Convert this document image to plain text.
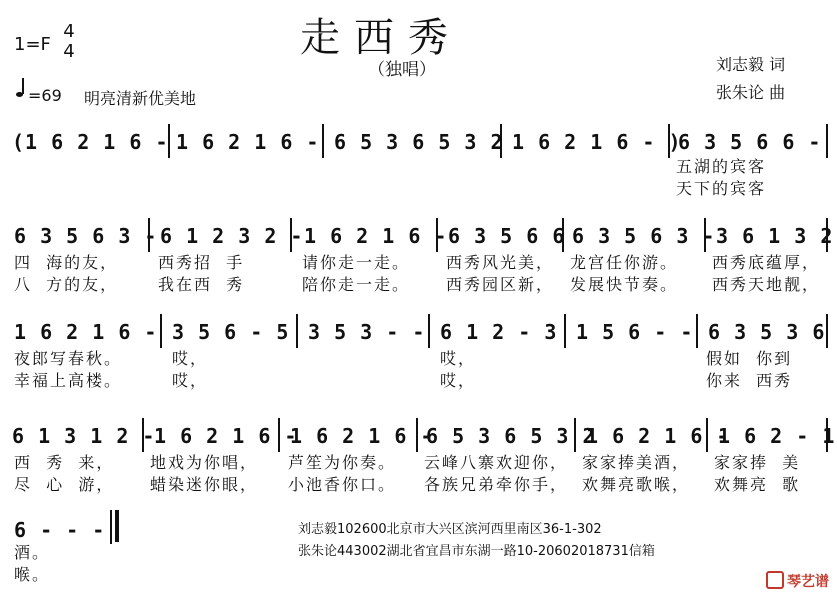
走西秀
（独唱）
1=F
4
4
=69 明亮清新优美地
刘志毅 词
张朱论 曲
(1 6 2 1 6 - 1 6 2 1 6 - 6 5 3 6 5 3 2 1 6 2 1 6 - )
6 3 5 6 6 -
五湖的宾客
天下的宾客
6 3 5 6 3 - 6 1 2 3 2 - 1 6 2 1 6 - 6 3 5 6 6 6 3 5 6 3 - 3 6 1 3 2
四  海的友，
八  方的友，
西秀招  手
我在西  秀
请你走一走。
陪你走一走。
西秀风光美，
西秀园区新，
龙宫任你游。
发展快节奏。
西秀底蕴厚，
西秀天地靓，
1 6 2 1 6 - 3 5 6 - 5 3 5 3 - - 6 1 2 - 3 1 5 6 - - 6 3 5 3 6
夜郎写春秋。
幸福上高楼。
哎，
哎，
哎，
哎，
假如  你到
你来  西秀
6 1 3 1 2 -
1 6 2 1 6 -
1 6 2 1 6 -
6 5 3 6 5 3 2
1 6 2 1 6 -
1 6 2 - 1
西  秀  来，
尽  心  游，
地戏为你唱，
蜡染迷你眼，
芦笙为你奏。
小池香你口。
云峰八寨欢迎你，
各族兄弟牵你手，
家家捧美酒，
欢舞亮歌喉，
家家捧  美
欢舞亮  歌
6 - - -
酒。
喉。
刘志毅102600北京市大兴区滨河西里南区36-1-302
张朱论443002湖北省宜昌市东湖一路10-20602018731信箱
琴艺谱
